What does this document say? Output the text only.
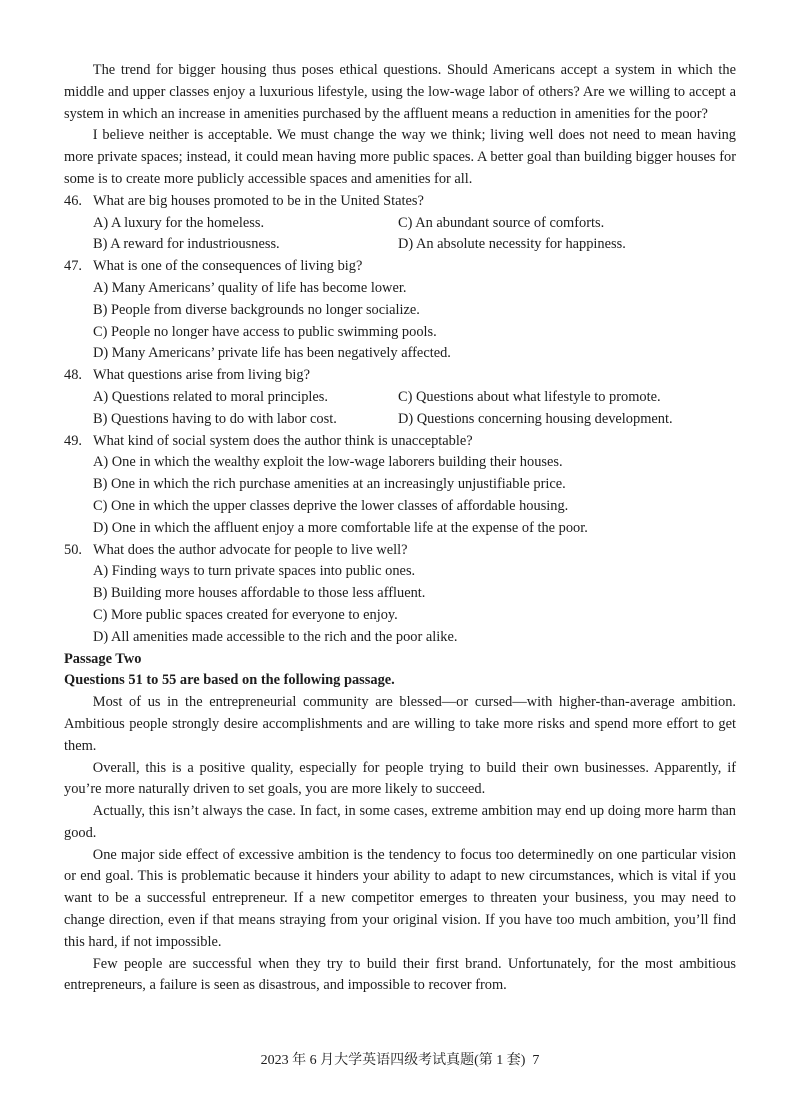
The trend for bigger housing thus poses ethical questions. Should Americans accept a system in which the middle and upper classes enjoy a luxurious lifestyle, using the low-wage labor of others? Are we willing to accept a system in which an increase in amenities purchased by the affluent means a reduction in amenities for the poor?

I believe neither is acceptable. We must change the way we think; living well does not need to mean having more private spaces; instead, it could mean having more public spaces. A better goal than building bigger houses for some is to create more publicly accessible spaces and amenities for all.

46. What are big houses promoted to be in the United States?
A) A luxury for the homeless.	C) An abundant source of comforts.
B) A reward for industriousness.	D) An absolute necessity for happiness.
47. What is one of the consequences of living big?
A) Many Americans’ quality of life has become lower.
B) People from diverse backgrounds no longer socialize.
C) People no longer have access to public swimming pools.
D) Many Americans’ private life has been negatively affected.
48. What questions arise from living big?
A) Questions related to moral principles.	C) Questions about what lifestyle to promote.
B) Questions having to do with labor cost.	D) Questions concerning housing development.
49. What kind of social system does the author think is unacceptable?
A) One in which the wealthy exploit the low-wage laborers building their houses.
B) One in which the rich purchase amenities at an increasingly unjustifiable price.
C) One in which the upper classes deprive the lower classes of affordable housing.
D) One in which the affluent enjoy a more comfortable life at the expense of the poor.
50. What does the author advocate for people to live well?
A) Finding ways to turn private spaces into public ones.
B) Building more houses affordable to those less affluent.
C) More public spaces created for everyone to enjoy.
D) All amenities made accessible to the rich and the poor alike.
Passage Two
Questions 51 to 55 are based on the following passage.

Most of us in the entrepreneurial community are blessed—or cursed—with higher-than-average ambition. Ambitious people strongly desire accomplishments and are willing to take more risks and spend more effort to get them.

Overall, this is a positive quality, especially for people trying to build their own businesses. Apparently, if you’re more naturally driven to set goals, you are more likely to succeed.

Actually, this isn’t always the case. In fact, in some cases, extreme ambition may end up doing more harm than good.

One major side effect of excessive ambition is the tendency to focus too determinedly on one particular vision or end goal. This is problematic because it hinders your ability to adapt to new circumstances, which is vital if you want to be a successful entrepreneur. If a new competitor emerges to threaten your business, you may need to change direction, even if that means straying from your original vision. If you have too much ambition, you’ll find this hard, if not impossible.

Few people are successful when they try to build their first brand. Unfortunately, for the most ambitious entrepreneurs, a failure is seen as disastrous, and impossible to recover from.

2023 年 6 月大学英语四级考试真题(第 1 套)  7
